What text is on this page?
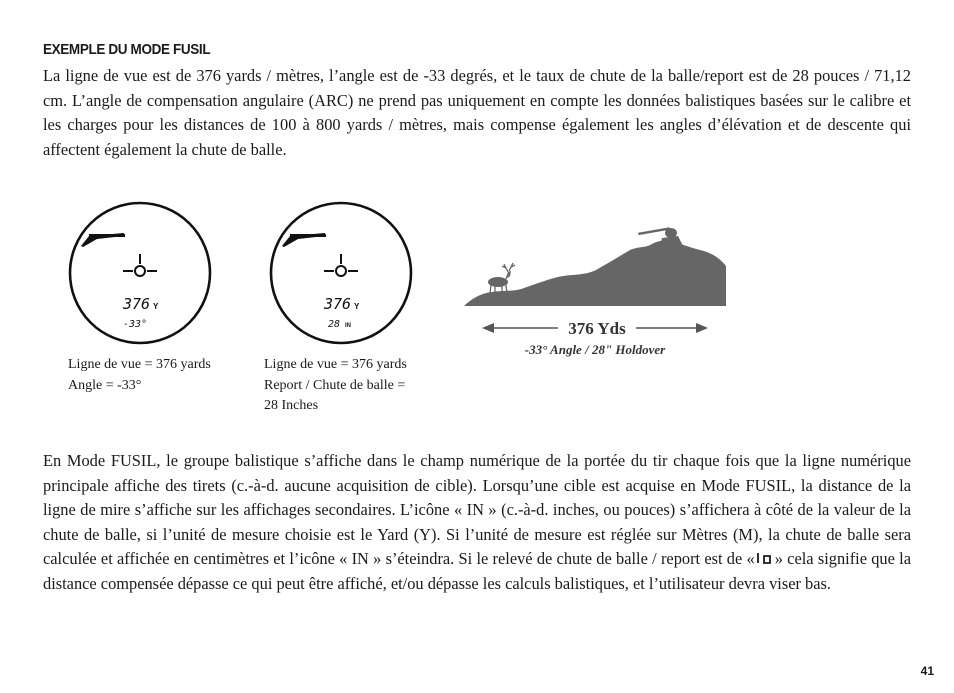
EXEMPLE DU MODE FUSIL

La ligne de vue est de 376 yards / mètres, l’angle est de -33 degrés, et le taux de chute de la balle/report est de 28 pouces / 71,12 cm. L’angle de compensation angulaire (ARC) ne prend pas uniquement en compte les données balistiques basées sur le calibre et les charges pour les distances de 100 à 800 yards / mètres, mais compense également les angles d’élévation et de descente qui affectent également la chute de balle.

376 Y
-33°
376 Y
28 IN

Ligne de vue = 376 yards
Angle = -33°

Ligne de vue = 376 yards
Report / Chute de balle =
28 Inches

376 Yds
-33° Angle / 28" Holdover

En Mode FUSIL, le groupe balistique s’affiche dans le champ numérique de la portée du tir chaque fois que la ligne numérique principale affiche des tirets (c.-à-d. aucune acquisition de cible). Lorsqu’une cible est acquise en Mode FUSIL, la distance de la ligne de mire s’affiche sur les affichages secondaires. L’icône « IN » (c.-à-d. inches, ou pouces) s’affichera à côté de la valeur de la chute de balle, si l’unité de mesure choisie est le Yard (Y). Si l’unité de mesure est réglée sur Mètres (M), la chute de balle sera calculée et affichée en centimètres et l’icône « IN » s’éteindra. Si le relevé de chute de balle / report est de « » cela signifie que la distance compensée dépasse ce qui peut être affiché, et/ou dépasse les calculs balistiques, et l’utilisateur devra viser bas.

41
